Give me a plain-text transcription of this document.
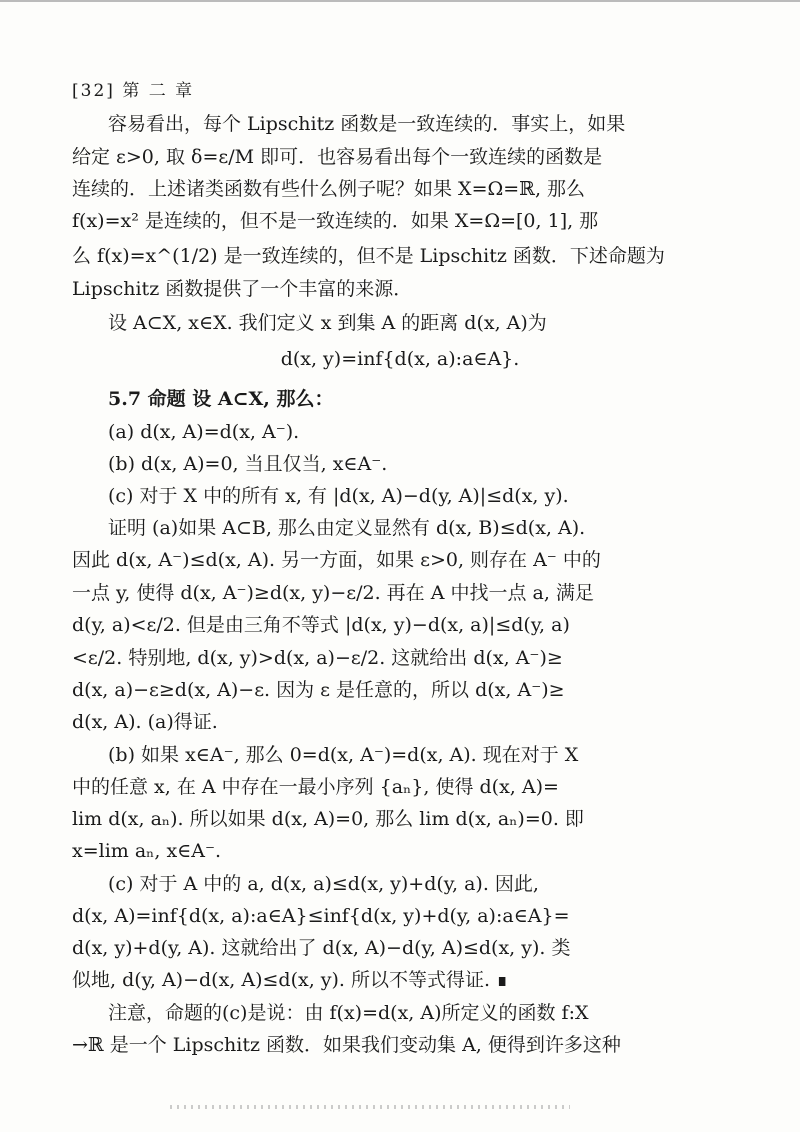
[32] 第 二 章
容易看出，每个 Lipschitz 函数是一致连续的．事实上，如果
给定 ε>0, 取 δ=ε/M 即可．也容易看出每个一致连续的函数是
连续的．上述诸类函数有些什么例子呢？如果 X=Ω=ℝ, 那么
f(x)=x² 是连续的，但不是一致连续的．如果 X=Ω=[0, 1], 那
么 f(x)=x^(1/2) 是一致连续的，但不是 Lipschitz 函数．下述命题为
Lipschitz 函数提供了一个丰富的来源．
设 A⊂X, x∈X. 我们定义 x 到集 A 的距离 d(x, A)为
d(x, y)=inf{d(x, a):a∈A}.
5.7 命题 设 A⊂X, 那么：
(a) d(x, A)=d(x, A⁻).
(b) d(x, A)=0, 当且仅当, x∈A⁻.
(c) 对于 X 中的所有 x, 有 |d(x, A)−d(y, A)|≤d(x, y).
证明 (a)如果 A⊂B, 那么由定义显然有 d(x, B)≤d(x, A).
因此 d(x, A⁻)≤d(x, A). 另一方面，如果 ε>0, 则存在 A⁻ 中的
一点 y, 使得 d(x, A⁻)≥d(x, y)−ε/2. 再在 A 中找一点 a, 满足
d(y, a)<ε/2. 但是由三角不等式 |d(x, y)−d(x, a)|≤d(y, a)
<ε/2. 特别地, d(x, y)>d(x, a)−ε/2. 这就给出 d(x, A⁻)≥
d(x, a)−ε≥d(x, A)−ε. 因为 ε 是任意的，所以 d(x, A⁻)≥
d(x, A). (a)得证.
(b) 如果 x∈A⁻, 那么 0=d(x, A⁻)=d(x, A). 现在对于 X
中的任意 x, 在 A 中存在一最小序列 {aₙ}, 使得 d(x, A)=
lim d(x, aₙ). 所以如果 d(x, A)=0, 那么 lim d(x, aₙ)=0. 即
x=lim aₙ, x∈A⁻.
(c) 对于 A 中的 a, d(x, a)≤d(x, y)+d(y, a). 因此,
d(x, A)=inf{d(x, a):a∈A}≤inf{d(x, y)+d(y, a):a∈A}=
d(x, y)+d(y, A). 这就给出了 d(x, A)−d(y, A)≤d(x, y). 类
似地, d(y, A)−d(x, A)≤d(x, y). 所以不等式得证. ∎
注意，命题的(c)是说：由 f(x)=d(x, A)所定义的函数 f:X
→ℝ 是一个 Lipschitz 函数．如果我们变动集 A, 便得到许多这种
